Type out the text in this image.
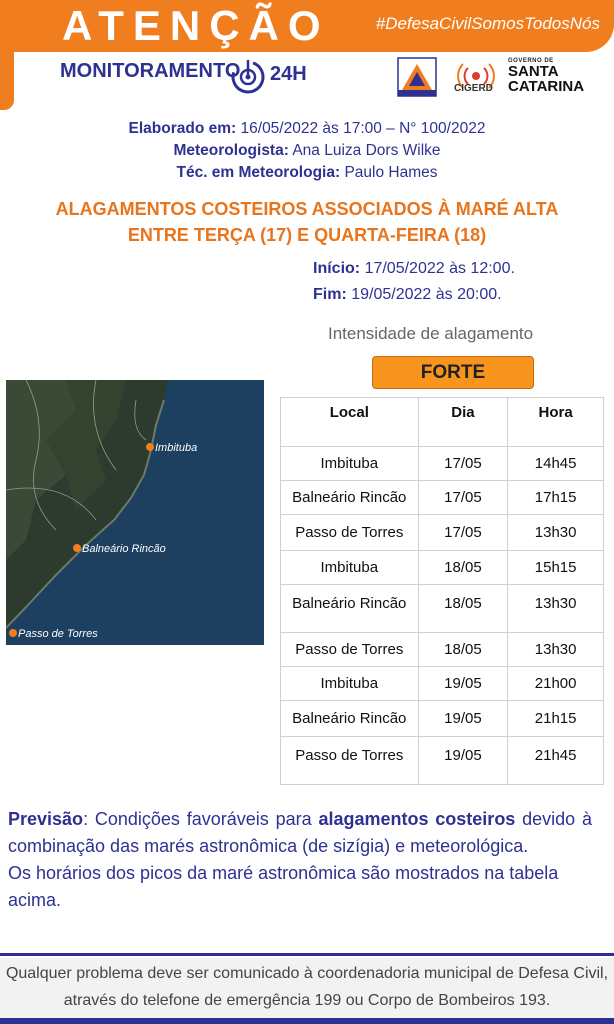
ATENÇÃO	#DefesaCivilSomosTodosNós
MONITORAMENTO 24H
CIGERD
GOVERNO DE
SANTA
CATARINA
Elaborado em: 16/05/2022 às 17:00 – N° 100/2022
Meteorologista: Ana Luiza Dors Wilke
Téc. em Meteorologia: Paulo Hames
ALAGAMENTOS COSTEIROS ASSOCIADOS À MARÉ ALTA
ENTRE TERÇA (17) E QUARTA-FEIRA (18)
Início: 17/05/2022 às 12:00.
Fim: 19/05/2022 às 20:00.
Intensidade de alagamento
FORTE
Imbituba
Balneário Rincão
Passo de Torres
Local	Dia	Hora
Imbituba	17/05	14h45
Balneário Rincão	17/05	17h15
Passo de Torres	17/05	13h30
Imbituba	18/05	15h15
Balneário Rincão	18/05	13h30
Passo de Torres	18/05	13h30
Imbituba	19/05	21h00
Balneário Rincão	19/05	21h15
Passo de Torres	19/05	21h45
Previsão: Condições favoráveis para alagamentos costeiros devido à combinação das marés astronômica (de sizígia) e meteorológica.
Os horários dos picos da maré astronômica são mostrados na tabela acima.
Qualquer problema deve ser comunicado à coordenadoria municipal de Defesa Civil,
através do telefone de emergência 199 ou Corpo de Bombeiros 193.
